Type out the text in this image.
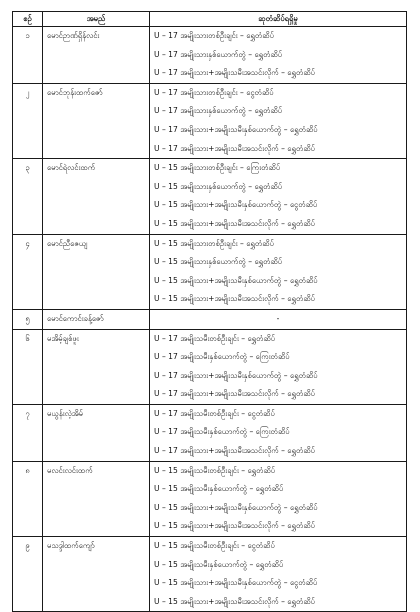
စဉ်	အမည်	ဆုတံဆိပ်ရရှိမှု
၁	မောင်ဉာဏ်ရှိန်လင်း	U – 17 အမျိုးသားတစ်ဦးချင်း – ရွှေတံဆိပ်
		U – 17 အမျိုးသားနှစ်ယောက်တွဲ – ရွှေတံဆိပ်
		U – 17 အမျိုးသား+အမျိုးသမီးအသင်းလိုက် – ရွှေတံဆိပ်
၂	မောင်ဘုန်းထက်ဇော်	U – 17 အမျိုးသားတစ်ဦးချင်း – ငွေတံဆိပ်
		U – 17 အမျိုးသားနှစ်ယောက်တွဲ – ရွှေတံဆိပ်
		U – 17 အမျိုးသား+အမျိုးသမီးနှစ်ယောက်တွဲ – ရွှေတံဆိပ်
		U – 17 အမျိုးသား+အမျိုးသမီးအသင်းလိုက် – ရွှေတံဆိပ်
၃	မောင်ရဲလင်းထက်	U – 15 အမျိုးသားတစ်ဦးချင်း – ကြေးတံဆိပ်
		U – 15 အမျိုးသားနှစ်ယောက်တွဲ – ရွှေတံဆိပ်
		U – 15 အမျိုးသား+အမျိုးသမီးနှစ်ယောက်တွဲ – ငွေတံဆိပ်
		U – 15 အမျိုးသား+အမျိုးသမီးအသင်းလိုက် – ရွှေတံဆိပ်
၄	မောင်ညီဇေယျ	U – 15 အမျိုးသားတစ်ဦးချင်း – ရွှေတံဆိပ်
		U – 15 အမျိုးသားနှစ်ယောက်တွဲ – ရွှေတံဆိပ်
		U – 15 အမျိုးသား+အမျိုးသမီးနှစ်ယောက်တွဲ – ရွှေတံဆိပ်
		U – 15 အမျိုးသား+အမျိုးသမီးအသင်းလိုက် – ရွှေတံဆိပ်
၅	မောင်ကောင်းခန့်ဇော်	-
၆	မအိမ့်ချစ်ဖူး	U – 17 အမျိုးသမီးတစ်ဦးချင်း – ရွှေတံဆိပ်
		U – 17 အမျိုးသမီးနှစ်ယောက်တွဲ – ကြေးတံဆိပ်
		U – 17 အမျိုးသား+အမျိုးသမီးနှစ်ယောက်တွဲ – ရွှေတံဆိပ်
		U – 17 အမျိုးသား+အမျိုးသမီးအသင်းလိုက် – ရွှေတံဆိပ်
၇	မယွန်းလဲ့အိမ်	U – 17 အမျိုးသမီးတစ်ဦးချင်း – ငွေတံဆိပ်
		U – 17 အမျိုးသမီးနှစ်ယောက်တွဲ – ကြေးတံဆိပ်
		U – 17 အမျိုးသား+အမျိုးသမီးအသင်းလိုက် – ရွှေတံဆိပ်
၈	မလင်းလင်းထက်	U – 15 အမျိုးသမီးတစ်ဦးချင်း – ရွှေတံဆိပ်
		U – 15 အမျိုးသမီးနှစ်ယောက်တွဲ – ရွှေတံဆိပ်
		U – 15 အမျိုးသား+အမျိုးသမီးနှစ်ယောက်တွဲ – ရွှေတံဆိပ်
		U – 15 အမျိုးသား+အမျိုးသမီးအသင်းလိုက် – ရွှေတံဆိပ်
၉	မသဒ္ဒါထက်ကျော်	U – 15 အမျိုးသမီးတစ်ဦးချင်း – ငွေတံဆိပ်
		U – 15 အမျိုးသမီးနှစ်ယောက်တွဲ – ရွှေတံဆိပ်
		U – 15 အမျိုးသား+အမျိုးသမီးနှစ်ယောက်တွဲ – ငွေတံဆိပ်
		U – 15 အမျိုးသား+အမျိုးသမီးအသင်းလိုက် – ရွှေတံဆိပ်
